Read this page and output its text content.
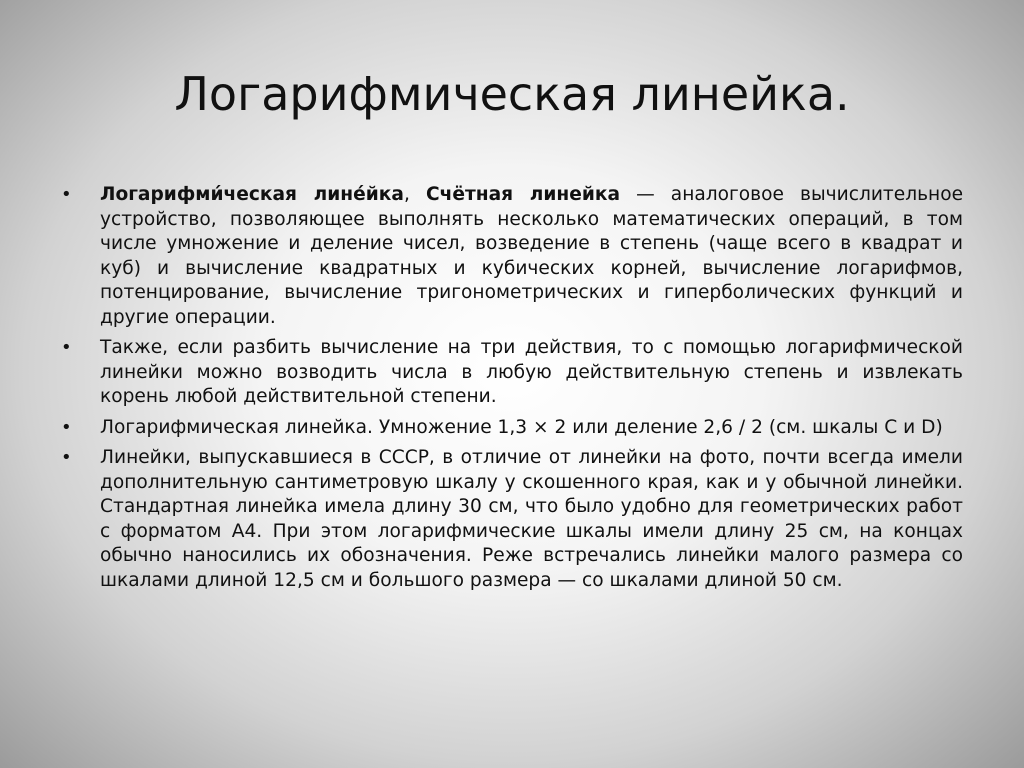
Логарифмическая линейка.
• Логарифми́ческая лине́йка, Счётная линейка — аналоговое вычислительное устройство, позволяющее выполнять несколько математических операций, в том числе умножение и деление чисел, возведение в степень (чаще всего в квадрат и куб) и вычисление квадратных и кубических корней, вычисление логарифмов, потенцирование, вычисление тригонометрических и гиперболических функций и другие операции.
• Также, если разбить вычисление на три действия, то с помощью логарифмической линейки можно возводить числа в любую действительную степень и извлекать корень любой действительной степени.
• Логарифмическая линейка. Умножение 1,3 × 2 или деление 2,6 / 2 (см. шкалы C и D)
• Линейки, выпускавшиеся в СССР, в отличие от линейки на фото, почти всегда имели дополнительную сантиметровую шкалу у скошенного края, как и у обычной линейки. Стандартная линейка имела длину 30 см, что было удобно для геометрических работ с форматом А4. При этом логарифмические шкалы имели длину 25 см, на концах обычно наносились их обозначения. Реже встречались линейки малого размера со шкалами длиной 12,5 см и большого размера — со шкалами длиной 50 см.
